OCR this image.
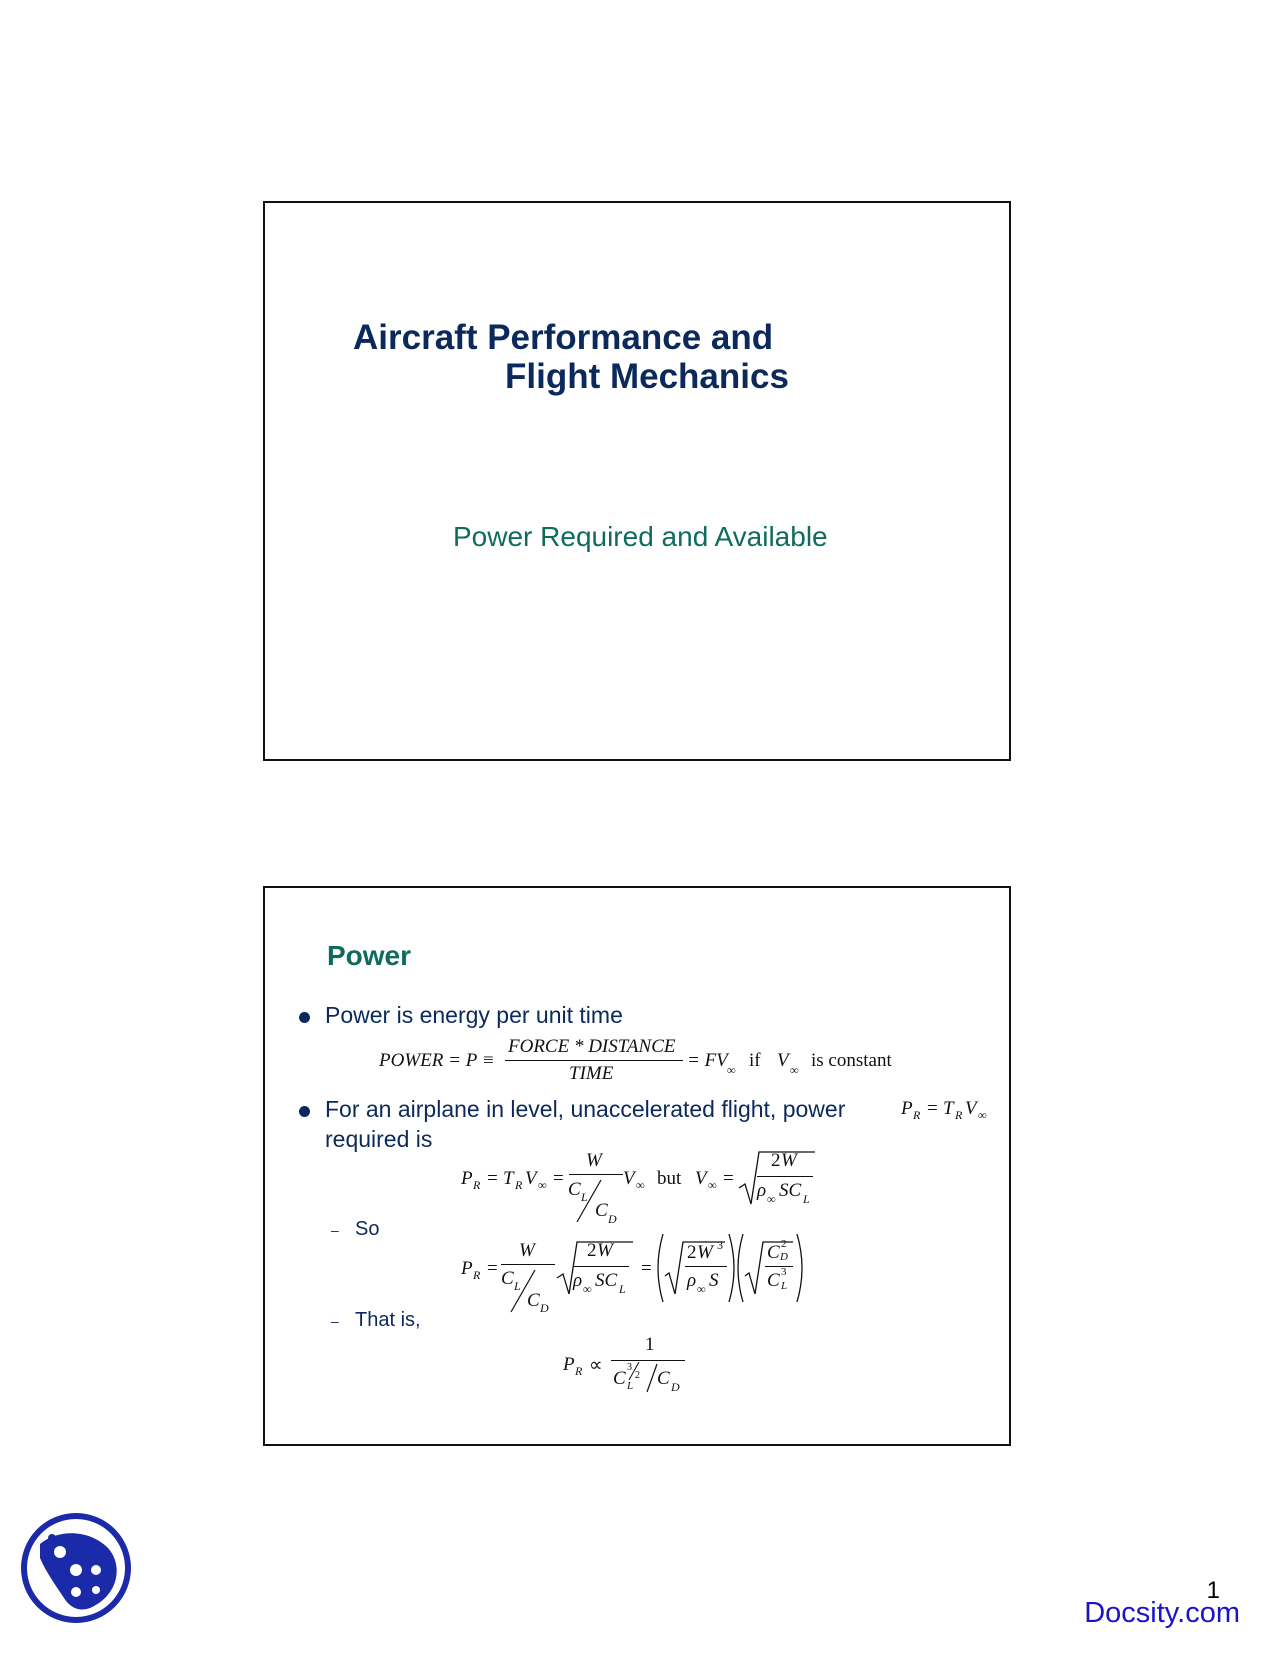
Aircraft Performance and
Flight Mechanics

Power Required and Available

Power
Power is energy per unit time
POWER = P ≡
FORCE * DISTANCE
TIME
= FV ∞ if V ∞ is constant
For an airplane in level, unaccelerated flight, power
required is
P R = T R V ∞
P R = T R V ∞ =
W
C L
C D
V ∞ but V ∞ =
2 W
ρ ∞ SC L
– So
P R =
W
C L
C D
2 W
ρ ∞ SC L
=
2 W 3
ρ ∞ S
C 2
D
C 3
L
– That is,
P R ∝
1
C
3
2
L C D
1
Docsity.com
